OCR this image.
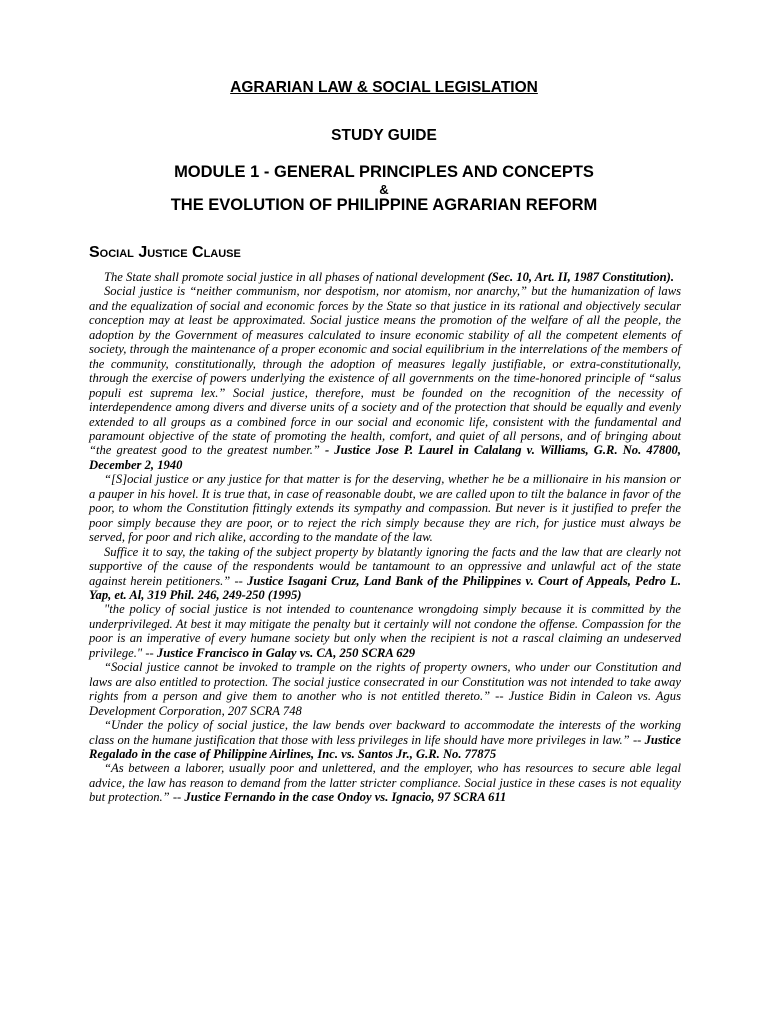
AGRARIAN LAW & SOCIAL LEGISLATION
STUDY GUIDE
MODULE 1 - GENERAL PRINCIPLES AND CONCEPTS
&
THE EVOLUTION OF PHILIPPINE AGRARIAN REFORM
Social Justice Clause

The State shall promote social justice in all phases of national development (Sec. 10, Art. II, 1987 Constitution).

Social justice is “neither communism, nor despotism, nor atomism, nor anarchy,” but the humanization of laws and the equalization of social and economic forces by the State so that justice in its rational and objectively secular conception may at least be approximated. Social justice means the promotion of the welfare of all the people, the adoption by the Government of measures calculated to insure economic stability of all the competent elements of society, through the maintenance of a proper economic and social equilibrium in the interrelations of the members of the community, constitutionally, through the adoption of measures legally justifiable, or extra-constitutionally, through the exercise of powers underlying the existence of all governments on the time-honored principle of “salus populi est suprema lex.” Social justice, therefore, must be founded on the recognition of the necessity of interdependence among divers and diverse units of a society and of the protection that should be equally and evenly extended to all groups as a combined force in our social and economic life, consistent with the fundamental and paramount objective of the state of promoting the health, comfort, and quiet of all persons, and of bringing about “the greatest good to the greatest number.” - Justice Jose P. Laurel in Calalang v. Williams, G.R. No. 47800, December 2, 1940

“[S]ocial justice or any justice for that matter is for the deserving, whether he be a millionaire in his mansion or a pauper in his hovel. It is true that, in case of reasonable doubt, we are called upon to tilt the balance in favor of the poor, to whom the Constitution fittingly extends its sympathy and compassion. But never is it justified to prefer the poor simply because they are poor, or to reject the rich simply because they are rich, for justice must always be served, for poor and rich alike, according to the mandate of the law.

Suffice it to say, the taking of the subject property by blatantly ignoring the facts and the law that are clearly not supportive of the cause of the respondents would be tantamount to an oppressive and unlawful act of the state against herein petitioners.” -- Justice Isagani Cruz, Land Bank of the Philippines v. Court of Appeals, Pedro L. Yap, et. Al, 319 Phil. 246, 249-250 (1995)

"the policy of social justice is not intended to countenance wrongdoing simply because it is committed by the underprivileged. At best it may mitigate the penalty but it certainly will not condone the offense. Compassion for the poor is an imperative of every humane society but only when the recipient is not a rascal claiming an undeserved privilege." -- Justice Francisco in Galay vs. CA, 250 SCRA 629

“Social justice cannot be invoked to trample on the rights of property owners, who under our Constitution and laws are also entitled to protection. The social justice consecrated in our Constitution was not intended to take away rights from a person and give them to another who is not entitled thereto.” -- Justice Bidin in Caleon vs. Agus Development Corporation, 207 SCRA 748

“Under the policy of social justice, the law bends over backward to accommodate the interests of the working class on the humane justification that those with less privileges in life should have more privileges in law.” -- Justice Regalado in the case of Philippine Airlines, Inc. vs. Santos Jr., G.R. No. 77875

“As between a laborer, usually poor and unlettered, and the employer, who has resources to secure able legal advice, the law has reason to demand from the latter stricter compliance. Social justice in these cases is not equality but protection.” -- Justice Fernando in the case Ondoy vs. Ignacio, 97 SCRA 611
